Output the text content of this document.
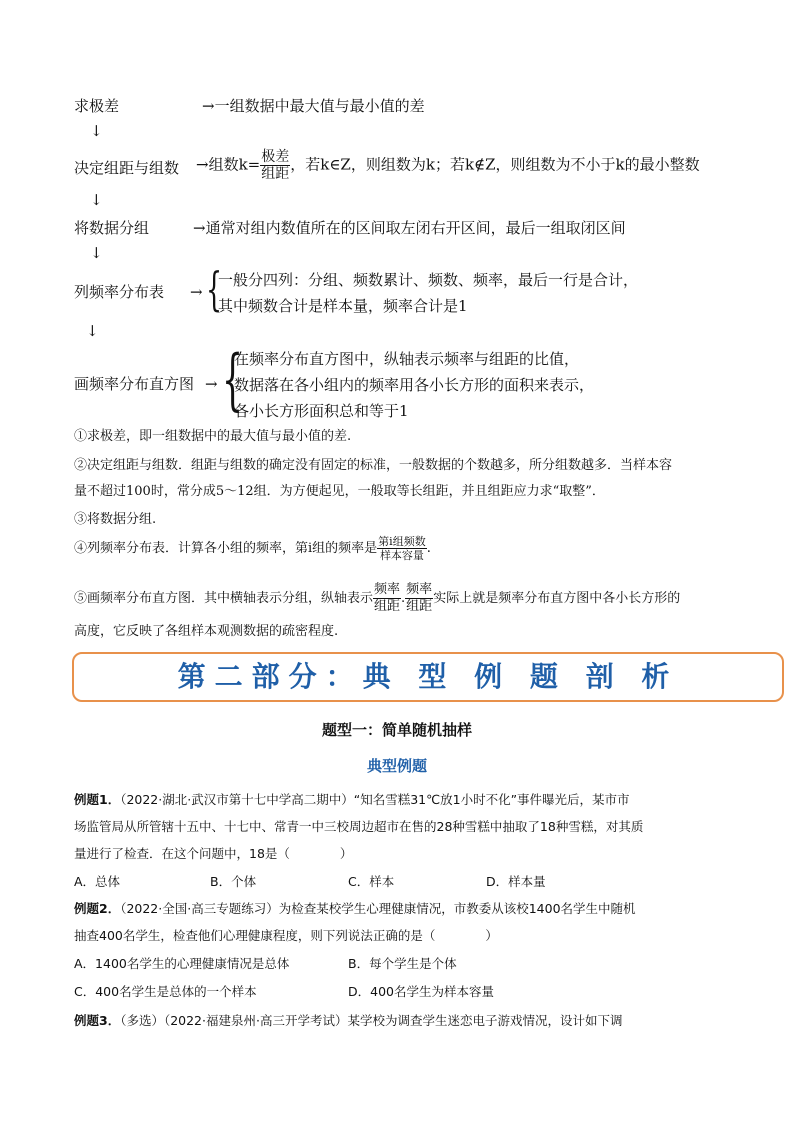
求极差	→一组数据中最大值与最小值的差
↓
决定组距与组数 →组数$k= \frac{\text{极差}}{\text{组距}}$ ，若k∈Z，则组数为k；若k∉Z，则组数为不小于k的最小整数
↓
将数据分组	→通常对组内数值所在的区间取左闭右开区间，最后一组取闭区间
↓
列频率分布表 → {
一般分四列：分组、频数累计、频数、频率，最后一行是合计，
其中频数合计是样本量，频率合计是1
↓
画频率分布直方图 → {
在频率分布直方图中，纵轴表示频率与组距的比值，
数据落在各小组内的频率用各小长方形的面积来表示，
各小长方形面积总和等于1
①求极差，即一组数据中的最大值与最小值的差.
②决定组距与组数．组距与组数的确定没有固定的标准，一般数据的个数越多，所分组数越多．当样本容
量不超过100时，常分成5～12组．为方便起见，一般取等长组距，并且组距应力求“取整”．
③将数据分组.
④列频率分布表．计算各小组的频率，第i组的频率是 $\frac{\text{第i组频数}}{\text{样本容量}}$ .
⑤画频率分布直方图．其中横轴表示分组，纵轴表示 $\frac{\text{频率}}{\text{组距}}$ . $\frac{\text{频率}}{\text{组距}}$ 实际上就是频率分布直方图中各小长方形的
高度，它反映了各组样本观测数据的疏密程度.
第二部分：典 型 例 题 剖 析
题型一：简单随机抽样
典型例题
例题1．（2022·湖北·武汉市第十七中学高二期中）“知名雪糕31℃放1小时不化”事件曝光后，某市市
场监管局从所管辖十五中、十七中、常青一中三校周边超市在售的28种雪糕中抽取了18种雪糕，对其质
量进行了检查．在这个问题中，18是（　　　　）
A．总体	B．个体	C．样本	D．样本量
例题2．（2022·全国·高三专题练习）为检查某校学生心理健康情况，市教委从该校1400名学生中随机
抽查400名学生，检查他们心理健康程度，则下列说法正确的是（　　　　）
A．1400名学生的心理健康情况是总体	B．每个学生是个体
C．400名学生是总体的一个样本	D．400名学生为样本容量
例题3．（多选）（2022·福建泉州·高三开学考试）某学校为调查学生迷恋电子游戏情况，设计如下调
